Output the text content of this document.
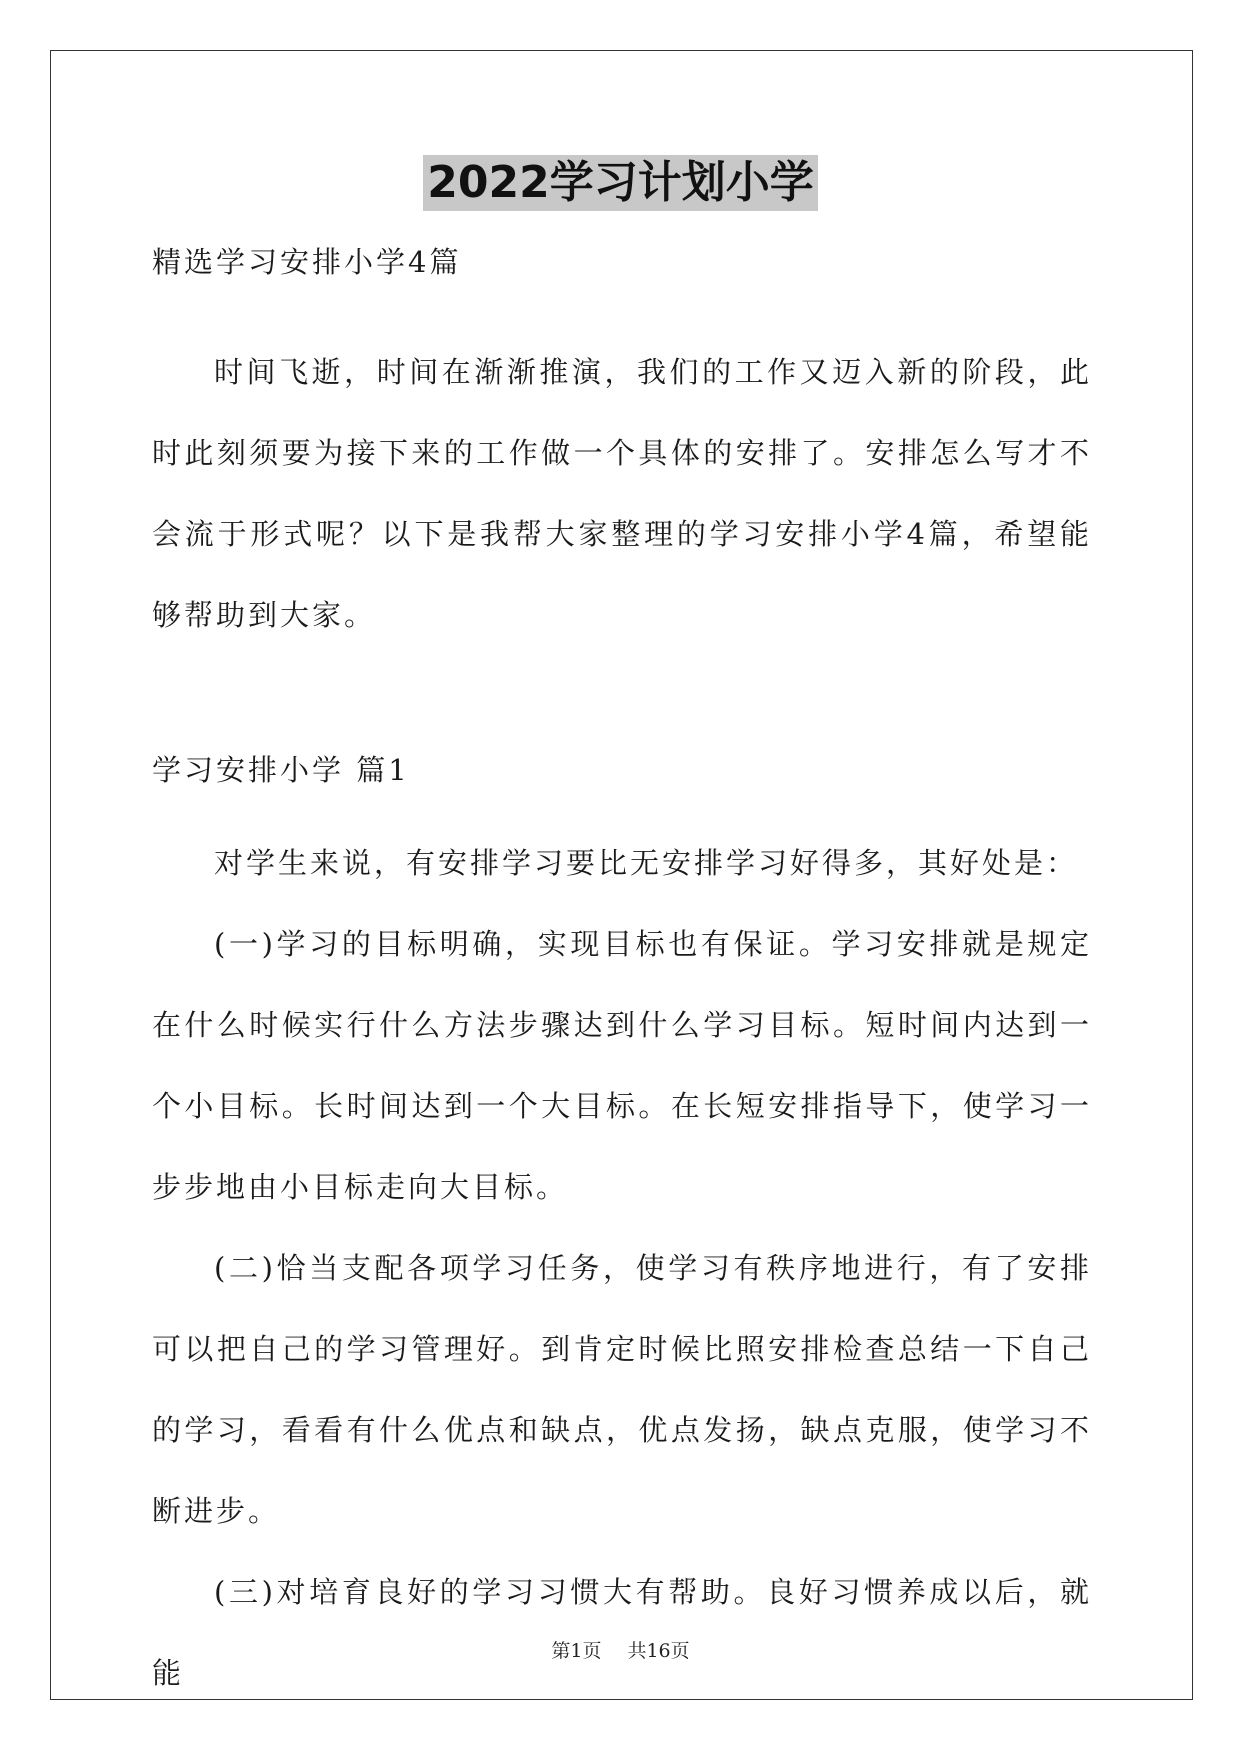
2022学习计划小学
精选学习安排小学4篇

时间飞逝，时间在渐渐推演，我们的工作又迈入新的阶段，此时此刻须要为接下来的工作做一个具体的安排了。安排怎么写才不会流于形式呢？以下是我帮大家整理的学习安排小学4篇，希望能够帮助到大家。

学习安排小学 篇1

对学生来说，有安排学习要比无安排学习好得多，其好处是：

(一)学习的目标明确，实现目标也有保证。学习安排就是规定在什么时候实行什么方法步骤达到什么学习目标。短时间内达到一个小目标。长时间达到一个大目标。在长短安排指导下，使学习一步步地由小目标走向大目标。

(二)恰当支配各项学习任务，使学习有秩序地进行，有了安排可以把自己的学习管理好。到肯定时候比照安排检查总结一下自己的学习，看看有什么优点和缺点，优点发扬，缺点克服，使学习不断进步。

(三)对培育良好的学习习惯大有帮助。良好习惯养成以后，就能

第1页 共16页
